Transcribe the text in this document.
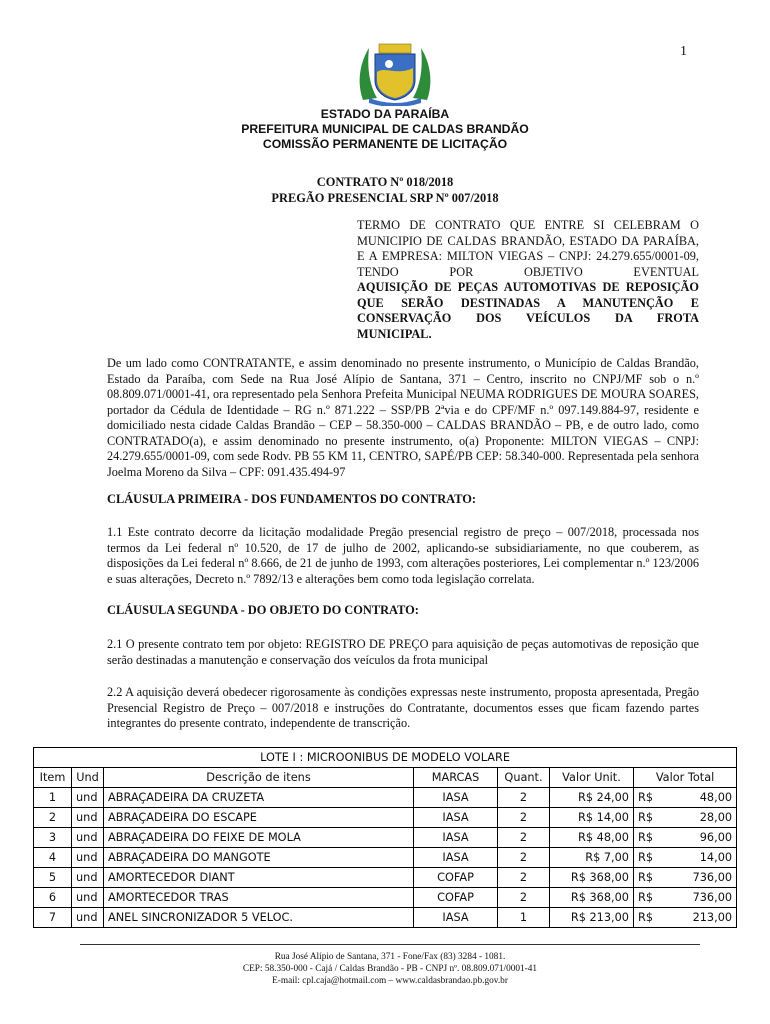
1
ESTADO DA PARAÍBA
PREFEITURA MUNICIPAL DE CALDAS BRANDÃO
COMISSÃO PERMANENTE DE LICITAÇÃO
CONTRATO Nº 018/2018
PREGÃO PRESENCIAL SRP Nº 007/2018
TERMO DE CONTRATO QUE ENTRE SI CELEBRAM O MUNICIPIO DE CALDAS BRANDÃO, ESTADO DA PARAÍBA, E A EMPRESA: MILTON VIEGAS – CNPJ: 24.279.655/0001-09, TENDO POR OBJETIVO EVENTUAL
AQUISIÇÃO DE PEÇAS AUTOMOTIVAS DE REPOSIÇÃO QUE SERÃO DESTINADAS A MANUTENÇÃO E CONSERVAÇÃO DOS VEÍCULOS DA FROTA
MUNICIPAL.
De um lado como CONTRATANTE, e assim denominado no presente instrumento, o Município de Caldas Brandão, Estado da Paraíba, com Sede na Rua José Alípio de Santana, 371 – Centro, inscrito no CNPJ/MF sob o n.º 08.809.071/0001-41, ora representado pela Senhora Prefeita Municipal NEUMA RODRIGUES DE MOURA SOARES, portador da Cédula de Identidade – RG n.º 871.222 – SSP/PB 2ªvia e do CPF/MF n.º 097.149.884-97, residente e domiciliado nesta cidade Caldas Brandão – CEP – 58.350-000 – CALDAS BRANDÃO – PB, e de outro lado, como CONTRATADO(a), e assim denominado no presente instrumento, o(a) Proponente: MILTON VIEGAS – CNPJ: 24.279.655/0001-09, com sede Rodv. PB 55 KM 11, CENTRO, SAPÉ/PB CEP: 58.340-000. Representada pela senhora Joelma Moreno da Silva – CPF: 091.435.494-97
CLÁUSULA PRIMEIRA - DOS FUNDAMENTOS DO CONTRATO:
1.1 Este contrato decorre da licitação modalidade Pregão presencial registro de preço – 007/2018, processada nos termos da Lei federal nº 10.520, de 17 de julho de 2002, aplicando-se subsidiariamente, no que couberem, as disposições da Lei federal nº 8.666, de 21 de junho de 1993, com alterações posteriores, Lei complementar n.º 123/2006 e suas alterações, Decreto n.º 7892/13 e alterações bem como toda legislação correlata.
CLÁUSULA SEGUNDA - DO OBJETO DO CONTRATO:
2.1 O presente contrato tem por objeto: REGISTRO DE PREÇO para aquisição de peças automotivas de reposição que serão destinadas a manutenção e conservação dos veículos da frota municipal
2.2 A aquisição deverá obedecer rigorosamente às condições expressas neste instrumento, proposta apresentada, Pregão Presencial Registro de Preço – 007/2018 e instruções do Contratante, documentos esses que ficam fazendo partes integrantes do presente contrato, independente de transcrição.
LOTE I : MICROONIBUS DE MODELO VOLARE						
Item	Und	Descrição de itens	MARCAS	Quant.	Valor Unit.	Valor Total
1	und	ABRAÇADEIRA DA CRUZETA	IASA	2	R$ 24,00	R$ 48,00

2	und	ABRAÇADEIRA DO ESCAPE	IASA	2	R$ 14,00	R$ 28,00

3	und	ABRAÇADEIRA DO FEIXE DE MOLA	IASA	2	R$ 48,00	R$ 96,00

4	und	ABRAÇADEIRA DO MANGOTE	IASA	2	R$ 7,00	R$ 14,00

5	und	AMORTECEDOR DIANT	COFAP	2	R$ 368,00	R$ 736,00

6	und	AMORTECEDOR TRAS	COFAP	2	R$ 368,00	R$ 736,00

7	und	ANEL SINCRONIZADOR 5 VELOC.	IASA	1	R$ 213,00	R$ 213,00
Rua José Alípio de Santana, 371 - Fone/Fax (83) 3284 - 1081.
CEP: 58.350-000 - Cajá / Caldas Brandão - PB - CNPJ nº. 08.809.071/0001-41
E-mail: cpl.caja@hotmail.com – www.caldasbrandao.pb.gov.br
